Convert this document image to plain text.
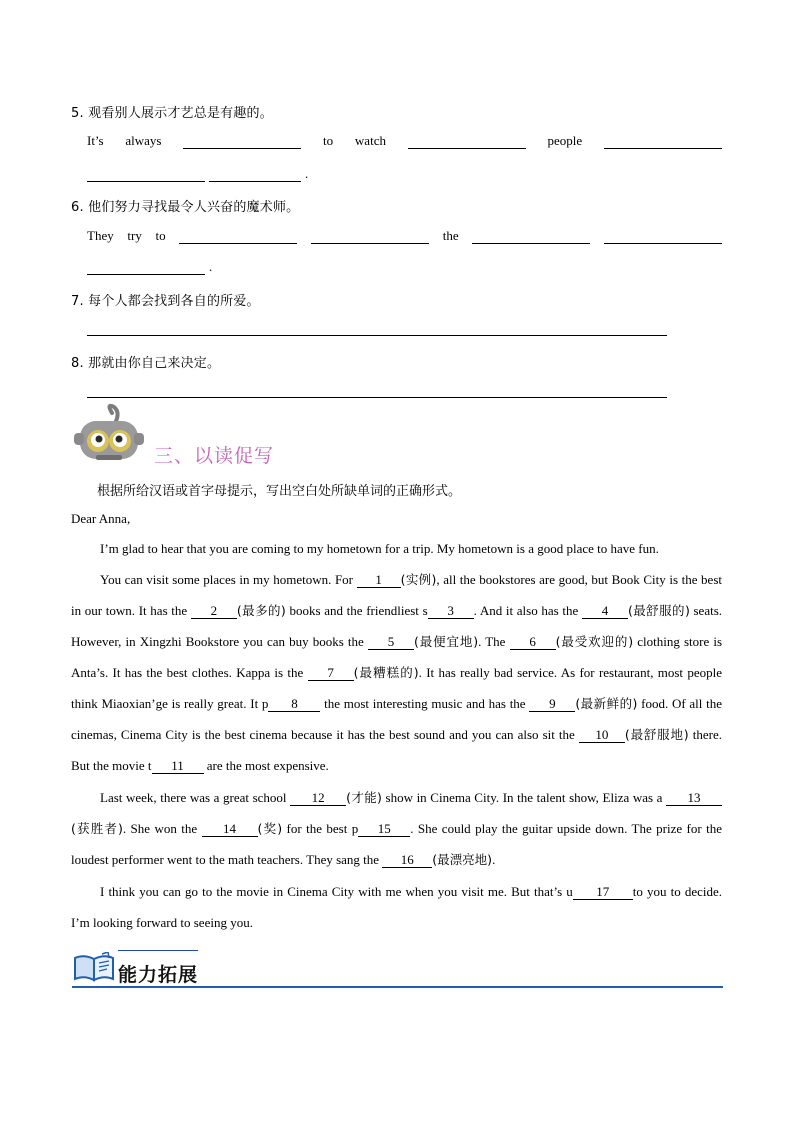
5. 观看别人展示才艺总是有趣的。
It’s always	to watch	people
.
6. 他们努力寻找最令人兴奋的魔术师。
They try to	the
.
7. 每个人都会找到各自的所爱。
8. 那就由你自己来决定。
三、以读促写
根据所给汉语或首字母提示，写出空白处所缺单词的正确形式。
Dear Anna,
I’m glad to hear that you are coming to my hometown for a trip. My hometown is a good place to have fun.
You can visit some places in my hometown. For 1 (实例), all the bookstores are good, but Book City is the best in our town. It has the 2 (最多的) books and the friendliest s 3 . And it also has the 4 (最舒服的) seats. However, in Xingzhi Bookstore you can buy books the 5 (最便宜地). The 6 (最受欢迎的) clothing store is Anta’s. It has the best clothes. Kappa is the 7 (最糟糕的). It has really bad service. As for restaurant, most people think Miaoxian’ge is really great. It p 8 the most interesting music and has the 9 (最新鲜的) food. Of all the cinemas, Cinema City is the best cinema because it has the best sound and you can also sit the 10 (最舒服地) there. But the movie t 11 are the most expensive.
Last week, there was a great school 12 (才能) show in Cinema City. In the talent show, Eliza was a 13(获胜者). She won the 14 (奖) for the best p 15 . She could play the guitar upside down. The prize for the loudest performer went to the math teachers. They sang the 16 (最漂亮地).
I think you can go to the movie in Cinema City with me when you visit me. But that’s u 17 to you to decide. I’m looking forward to seeing you.
能力拓展
